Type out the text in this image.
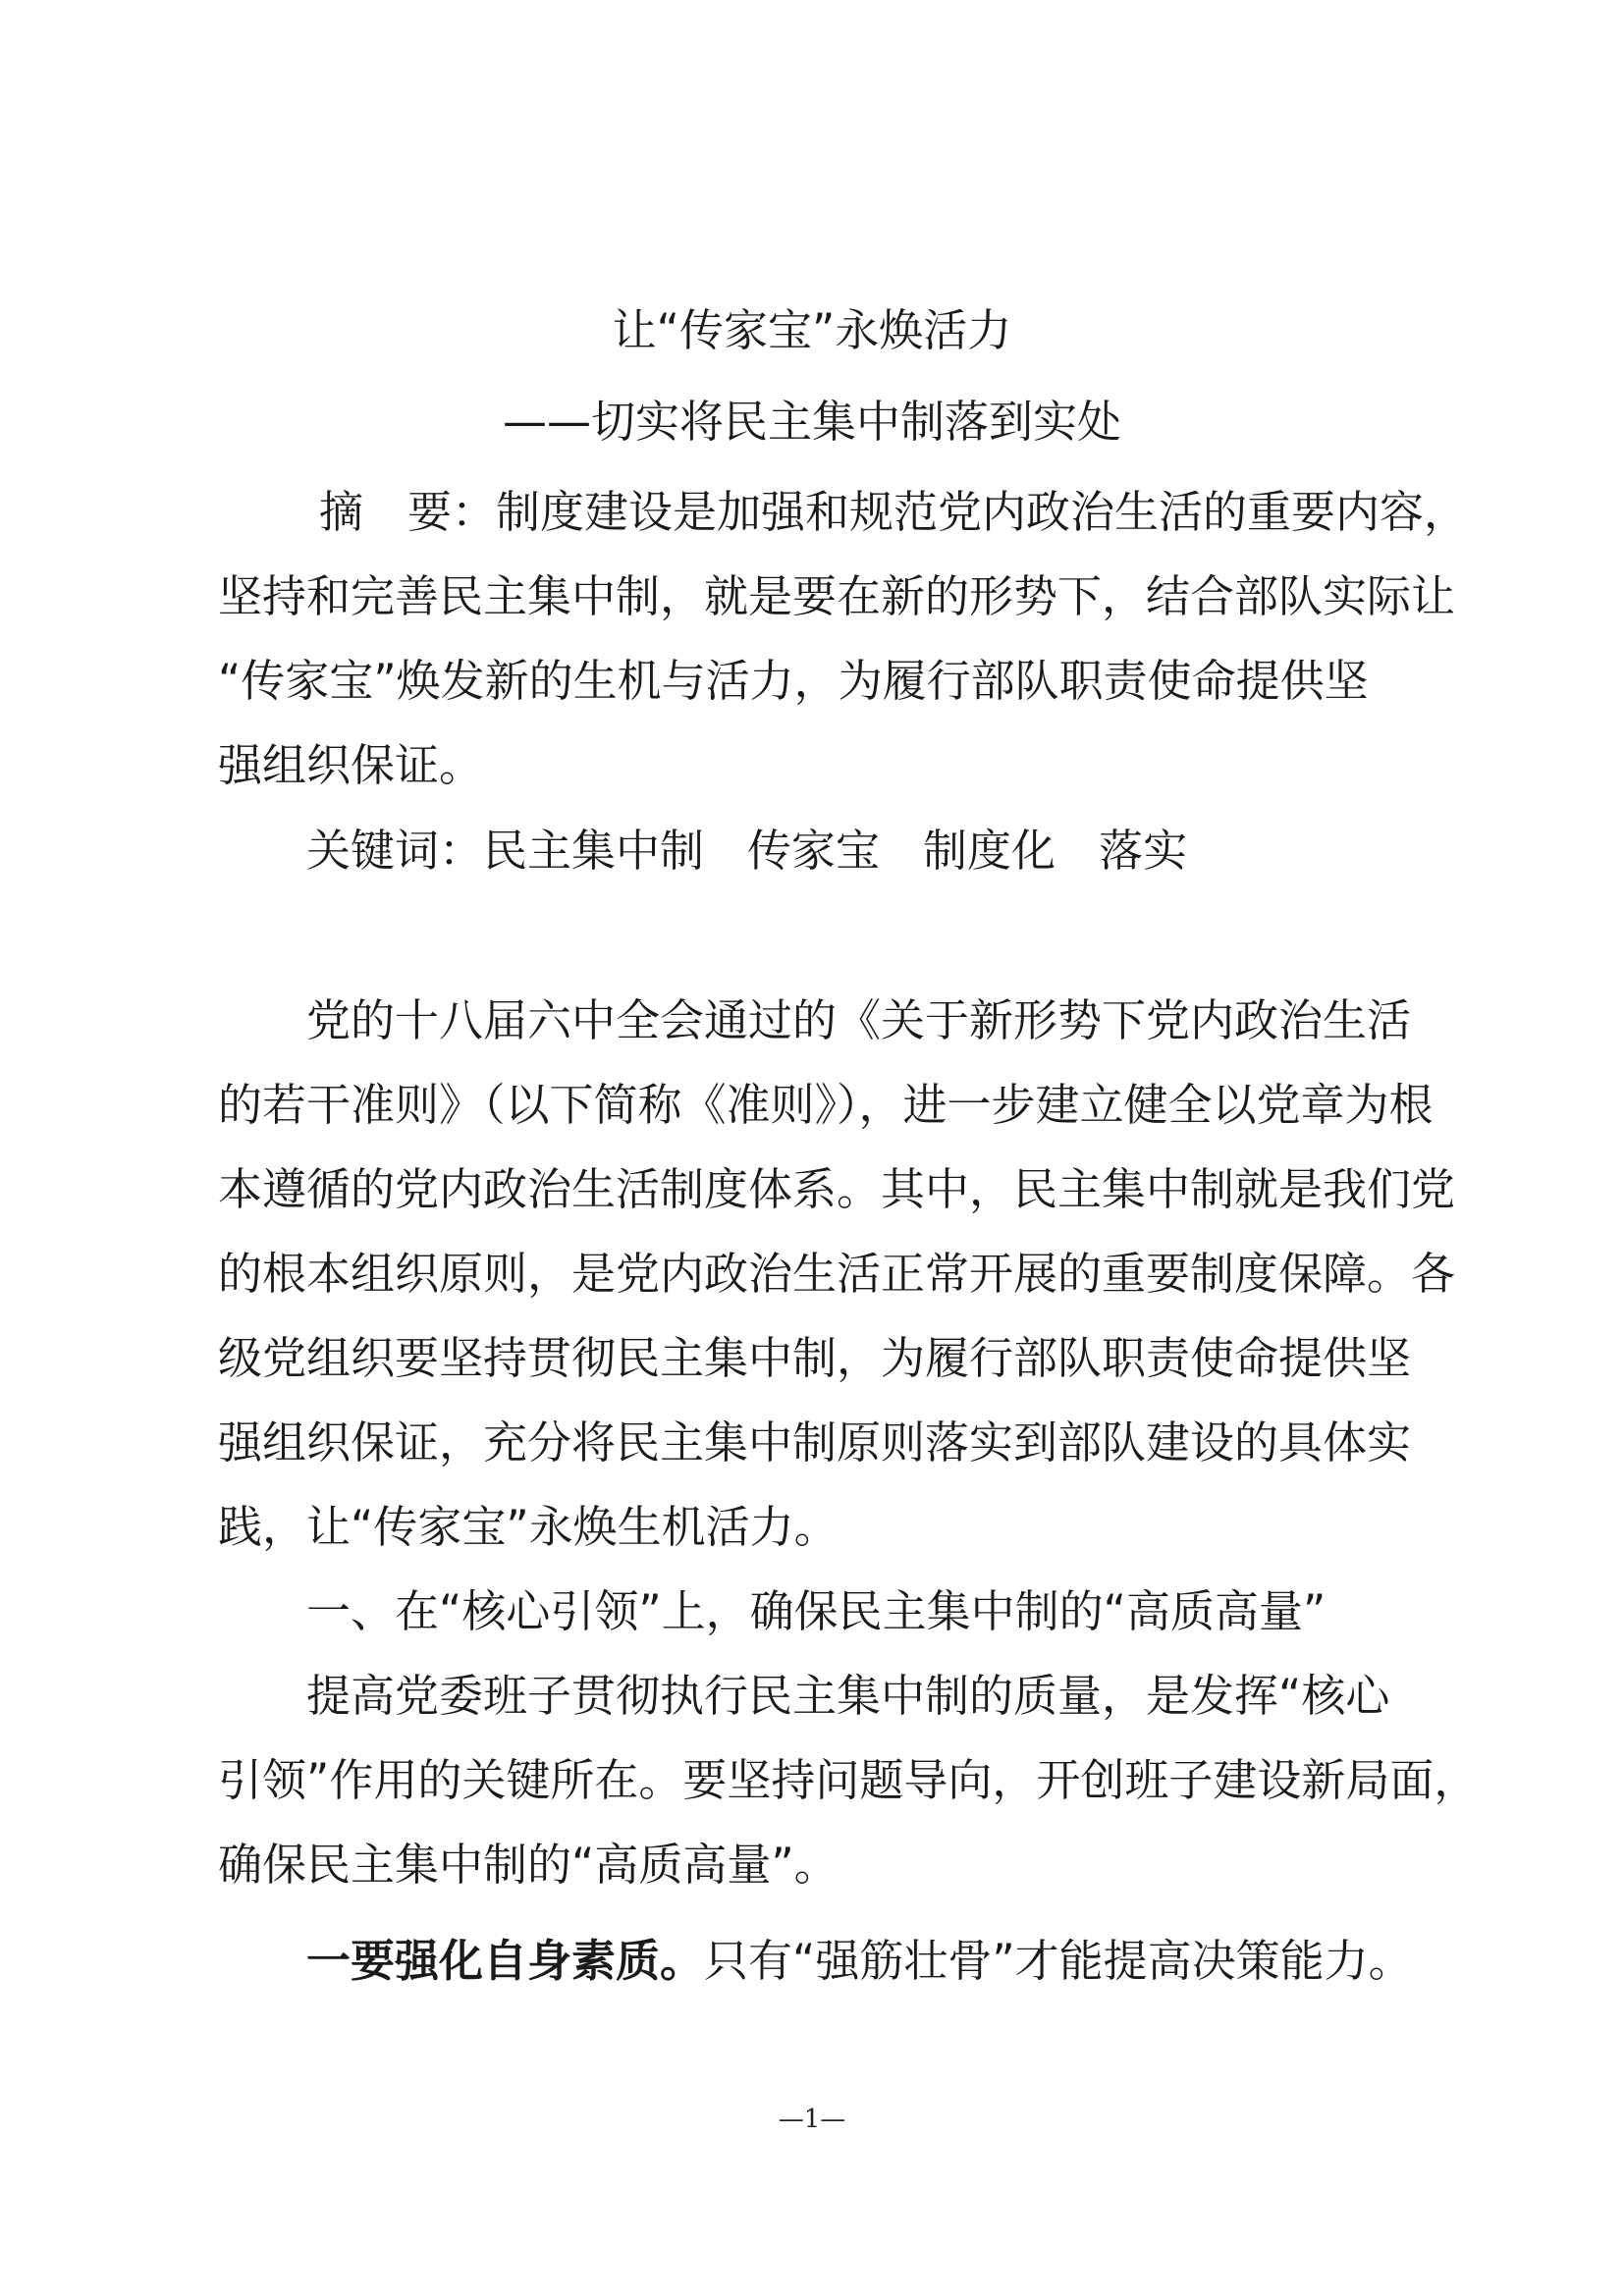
让“传家宝”永焕活力
——切实将民主集中制落到实处
摘　要：制度建设是加强和规范党内政治生活的重要内容，
坚持和完善民主集中制，就是要在新的形势下，结合部队实际让
“传家宝”焕发新的生机与活力，为履行部队职责使命提供坚
强组织保证。
关键词：民主集中制 传家宝 制度化 落实
党的十八届六中全会通过的《关于新形势下党内政治生活
的若干准则》（以下简称《准则》），进一步建立健全以党章为根
本遵循的党内政治生活制度体系。其中，民主集中制就是我们党
的根本组织原则，是党内政治生活正常开展的重要制度保障。各
级党组织要坚持贯彻民主集中制，为履行部队职责使命提供坚
强组织保证，充分将民主集中制原则落实到部队建设的具体实
践，让“传家宝”永焕生机活力。
一、在“核心引领”上，确保民主集中制的“高质高量”
提高党委班子贯彻执行民主集中制的质量，是发挥“核心
引领”作用的关键所在。要坚持问题导向，开创班子建设新局面，
确保民主集中制的“高质高量”。
一要强化自身素质。只有“强筋壮骨”才能提高决策能力。
—1—
